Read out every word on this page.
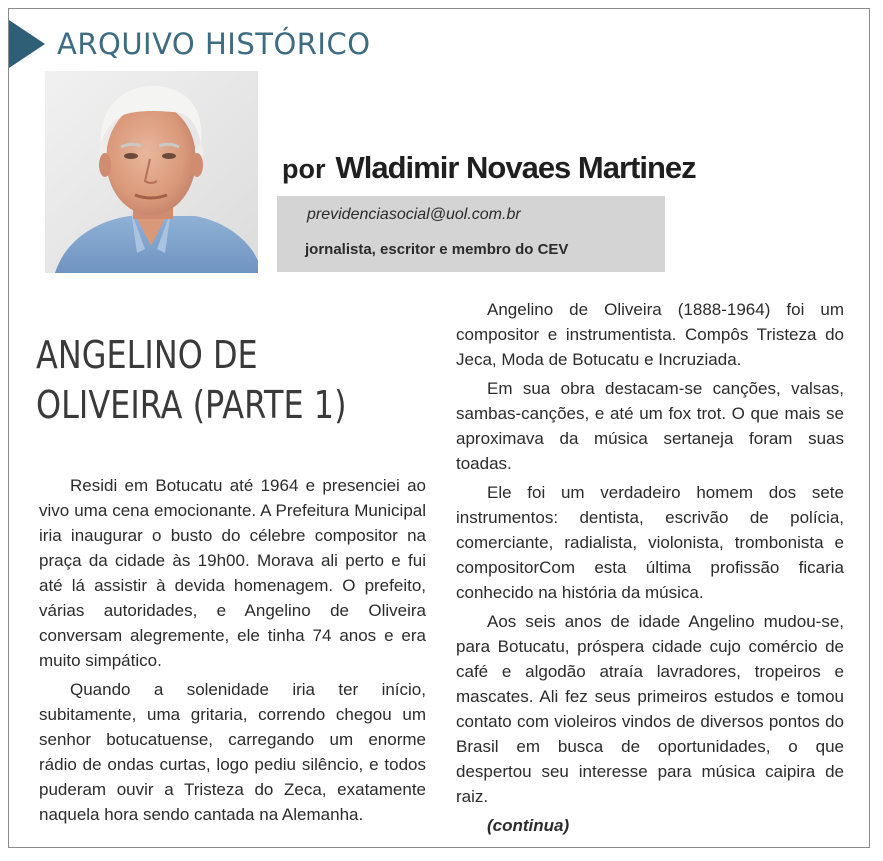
ARQUIVO HISTÓRICO
por Wladimir Novaes Martinez
previdenciasocial@uol.com.br
jornalista, escritor e membro do CEV
ANGELINO DE
OLIVEIRA (PARTE 1)

Residi em Botucatu até 1964 e presenciei ao vivo uma cena emocionante. A Prefeitura Municipal iria inaugurar o busto do célebre compositor na praça da cidade às 19h00. Morava ali perto e fui até lá assistir à devida homenagem. O prefeito, várias autoridades, e Angelino de Oliveira conversam alegremente, ele tinha 74 anos e era muito simpático.

Quando a solenidade iria ter início, subitamente, uma gritaria, correndo chegou um senhor botucatuense, carregando um enorme rádio de ondas curtas, logo pediu silêncio, e todos puderam ouvir a Tristeza do Zeca, exatamente naquela hora sendo cantada na Alemanha.

Angelino de Oliveira (1888-1964) foi um compositor e instrumentista. Compôs Tristeza do Jeca, Moda de Botucatu e Incruziada.

Em sua obra destacam-se canções, valsas, sambas-canções, e até um fox trot. O que mais se aproximava da música sertaneja foram suas toadas.

Ele foi um verdadeiro homem dos sete instrumentos: dentista, escrivão de polícia, comerciante, radialista, violonista, trombonista e compositorCom esta última profissão ficaria conhecido na história da música.

Aos seis anos de idade Angelino mudou-se, para Botucatu, próspera cidade cujo comércio de café e algodão atraía lavradores, tropeiros e mascates. Ali fez seus primeiros estudos e tomou contato com violeiros vindos de diversos pontos do Brasil em busca de oportunidades, o que despertou seu interesse para música caipira de raiz.

(continua)
